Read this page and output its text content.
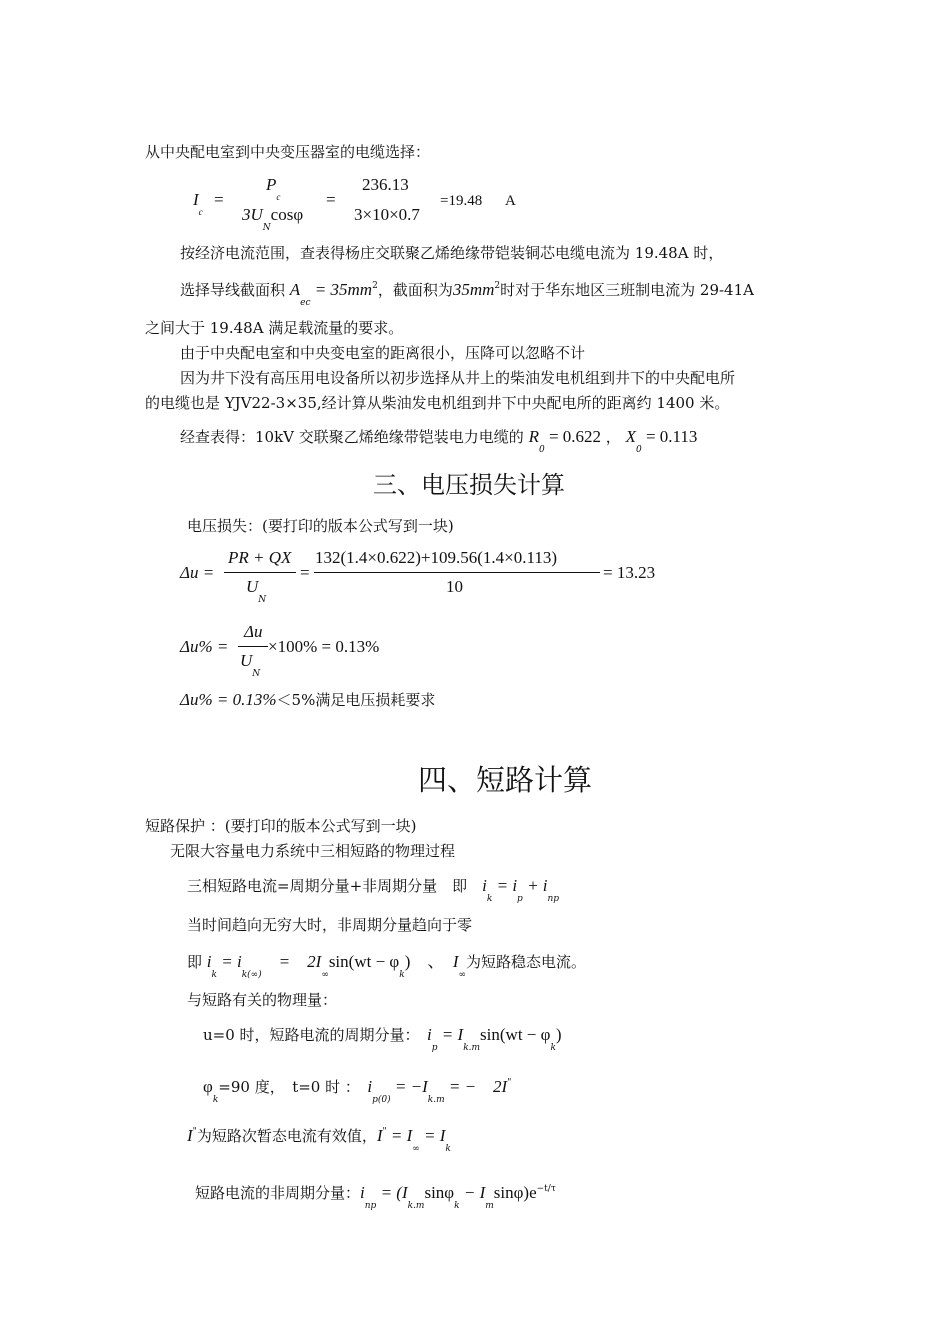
从中央配电室到中央变压器室的电缆选择：
$I_c$
=
$P_c$
$3U_N\cos\varphi$
=
236.13
3×10×0.7
=19.48 A
按经济电流范围，查表得杨庄交联聚乙烯绝缘带铠装铜芯电缆电流为 19.48A 时，
选择导线截面积 $A_{ec} = 35mm^2$，截面积为$35mm^2$时对于华东地区三班制电流为 29-41A
之间大于 19.48A 满足载流量的要求。
由于中央配电室和中央变电室的距离很小，压降可以忽略不计
因为井下没有高压用电设备所以初步选择从井上的柴油发电机组到井下的中央配电所
的电缆也是 YJV22-3×35,经计算从柴油发电机组到井下中央配电所的距离约 1400 米。
经查表得：10kV 交联聚乙烯绝缘带铠装电力电缆的 $R_0 = 0.622$ ， $X_0 = 0.113$
三、电压损失计算
电压损失：(要打印的版本公式写到一块)
Δu =
PR + QX
$U_N$
=
132(1.4×0.622)+109.56(1.4×0.113)
10
= 13.23
Δu% =
Δu
$U_N$
×100% = 0.13%
Δu% = 0.13%＜5%满足电压损耗要求
四、短路计算
短路保护 ：(要打印的版本公式写到一块)
无限大容量电力系统中三相短路的物理过程
三相短路电流=周期分量+非周期分量　即　$i_k = i_p + i_{np}$
当时间趋向无穷大时，非周期分量趋向于零
即 $i_k = i_{k(\infty)}$　=　$2I_\infty\sin(wt - \varphi_k)$　、　$I_\infty$为短路稳态电流。
与短路有关的物理量：
u=0 时，短路电流的周期分量：　$i_p = I_{k.m}\sin(wt - \varphi_k)$
$\varphi_k=90$ 度，　t=0 时 ：　$i_{p(0)} = -I_{k.m}$ = −　2I"
I"为短路次暂态电流有效值，$I^" = I_\infty = I_k$
短路电流的非周期分量：$i_{np} = (I_{k.m}\sin\varphi_k - I_m\sin\varphi)e^{-t/\tau}$
